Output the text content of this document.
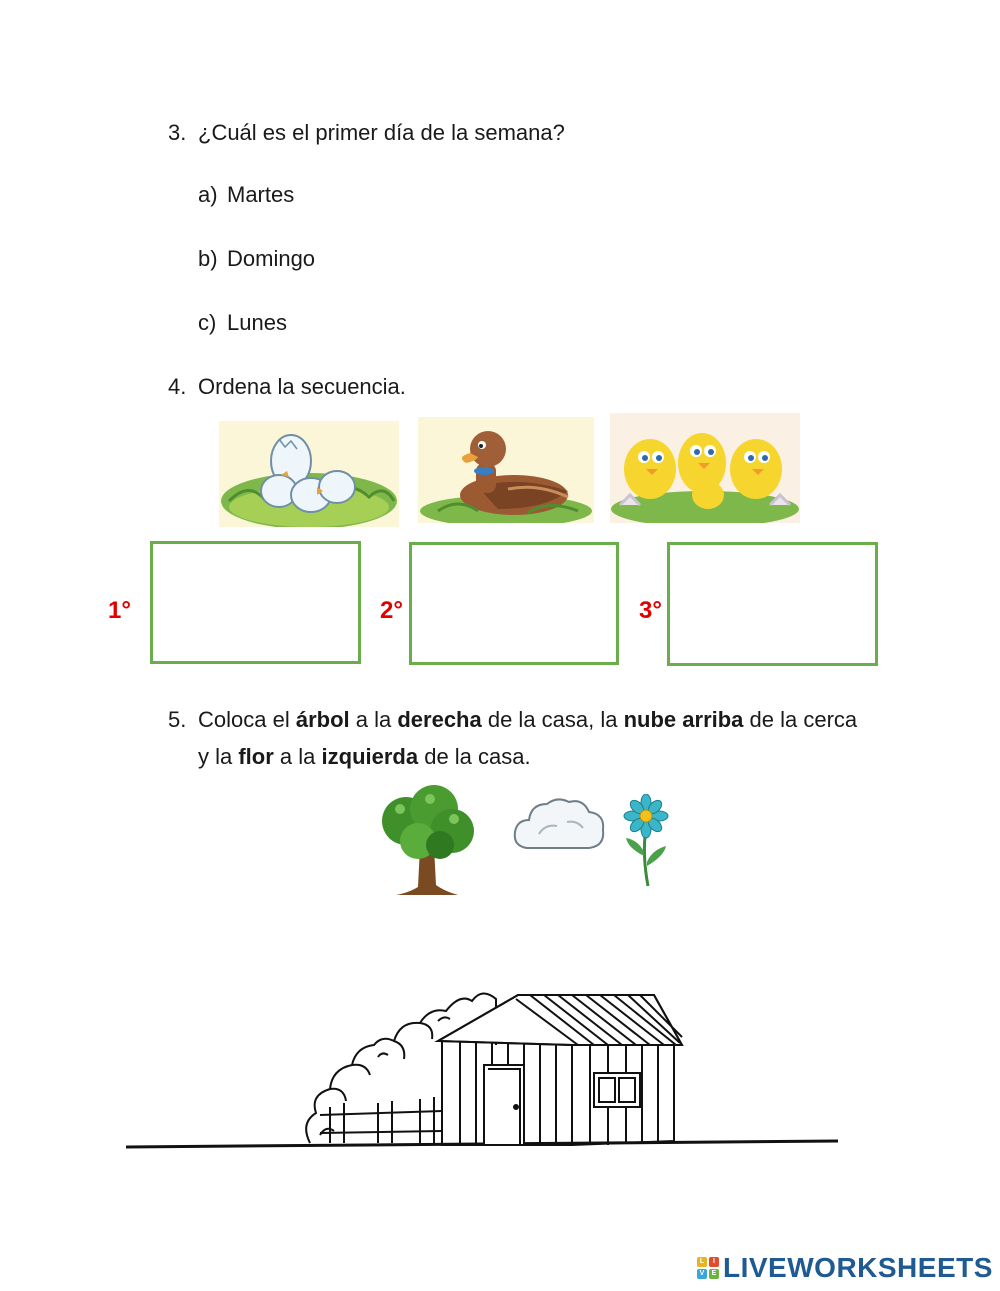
3. ¿Cuál es el primer día de la semana?
a) Martes
b) Domingo
c) Lunes
4. Ordena la secuencia.
1°	2°	3°
5. Coloca el árbol a la derecha de la casa, la nube arriba de la cerca y la flor a la izquierda de la casa.
L	I
V	E LIVEWORKSHEETS
